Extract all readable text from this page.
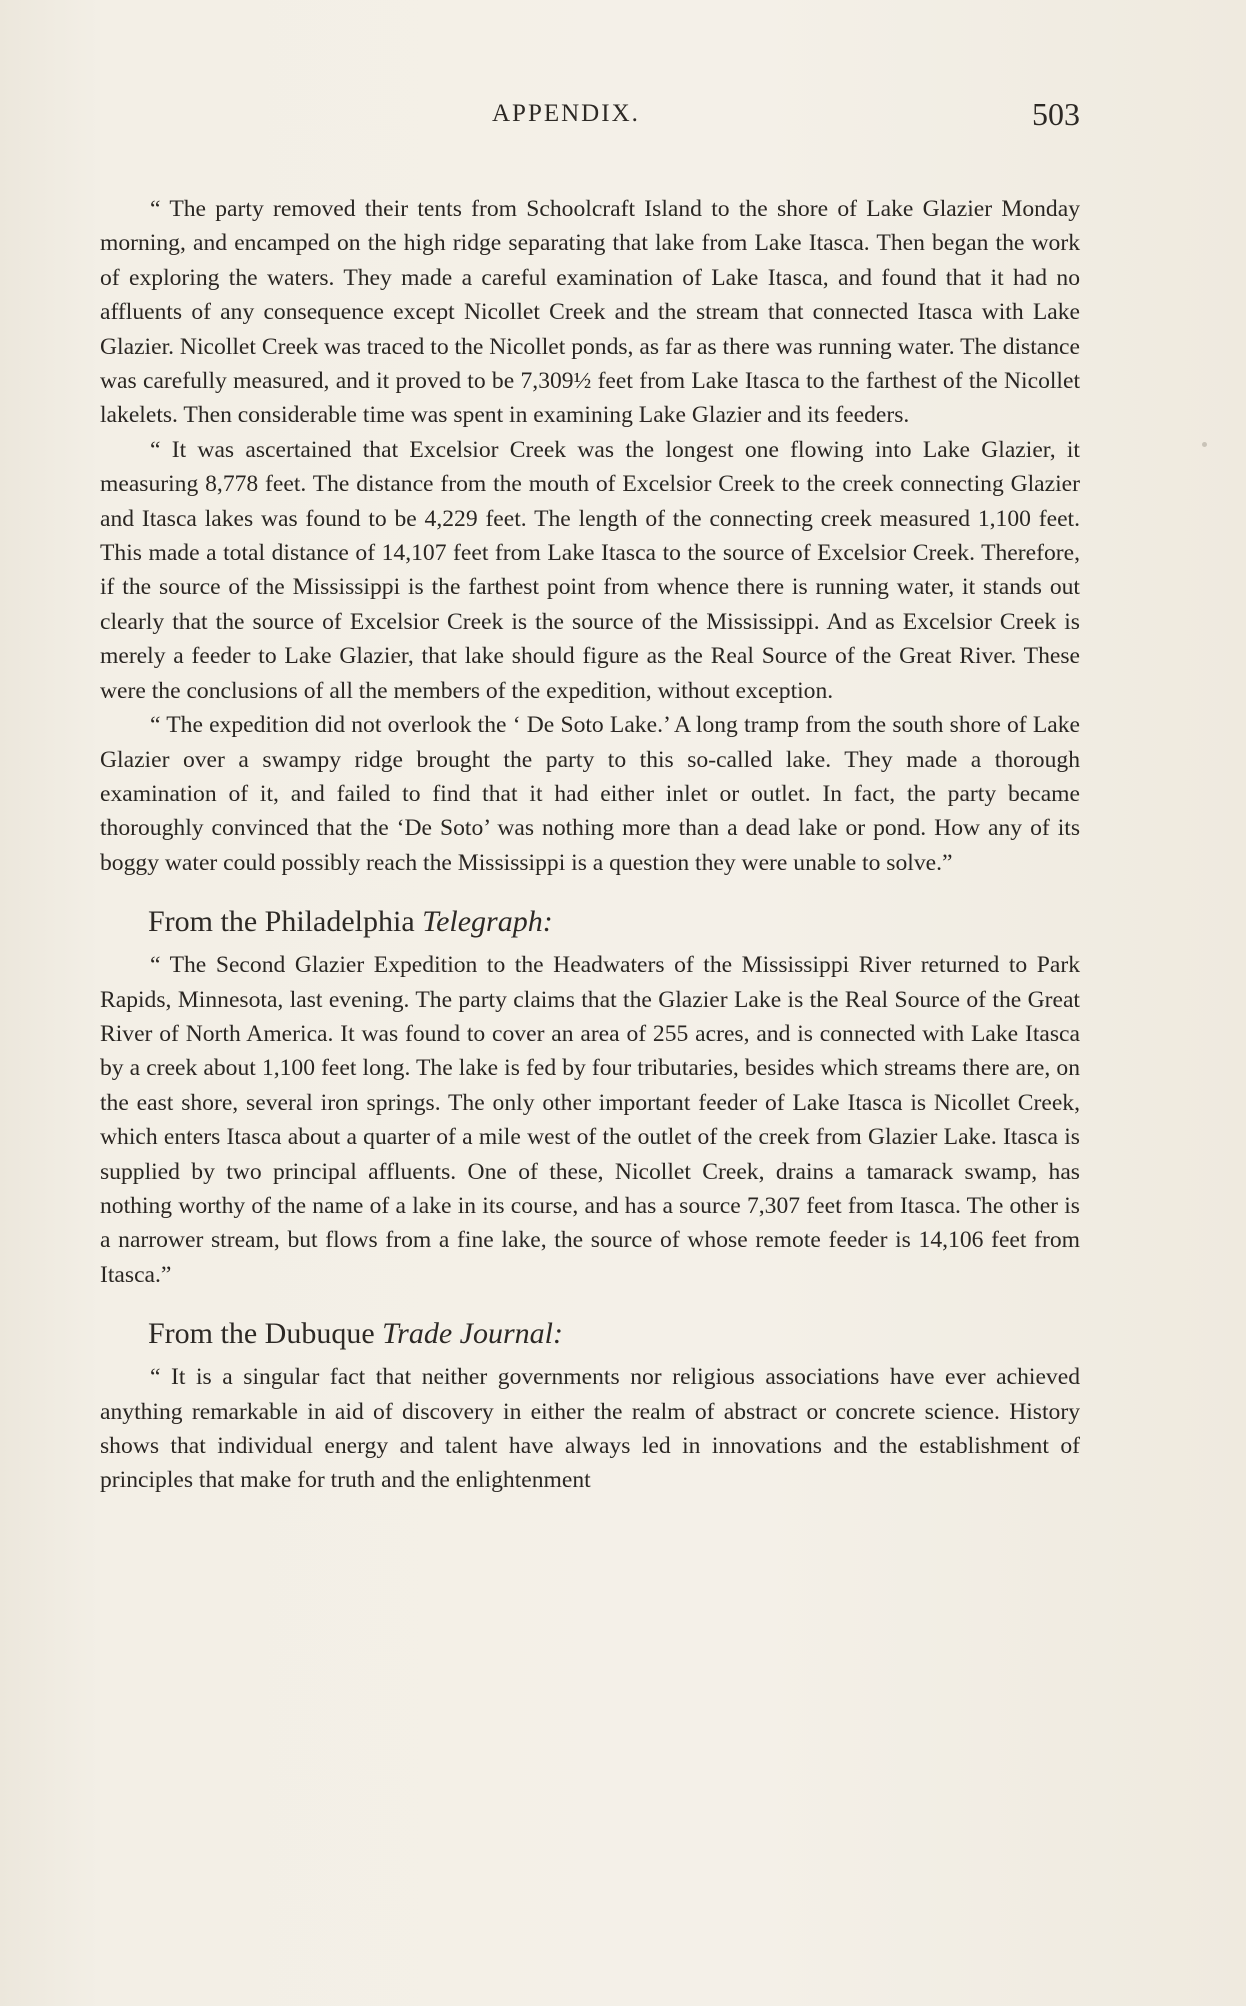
APPENDIX.	503

“ The party removed their tents from Schoolcraft Island to the shore of Lake Glazier Monday morning, and encamped on the high ridge separating that lake from Lake Itasca. Then began the work of exploring the waters. They made a careful examination of Lake Itasca, and found that it had no affluents of any consequence except Nicollet Creek and the stream that connected Itasca with Lake Glazier. Nicollet Creek was traced to the Nicollet ponds, as far as there was running water. The distance was carefully measured, and it proved to be 7,309½ feet from Lake Itasca to the farthest of the Nicollet lakelets. Then considerable time was spent in examining Lake Glazier and its feeders.

“ It was ascertained that Excelsior Creek was the longest one flowing into Lake Glazier, it measuring 8,778 feet. The distance from the mouth of Excelsior Creek to the creek connecting Glazier and Itasca lakes was found to be 4,229 feet. The length of the connecting creek measured 1,100 feet. This made a total distance of 14,107 feet from Lake Itasca to the source of Excelsior Creek. Therefore, if the source of the Mississippi is the farthest point from whence there is running water, it stands out clearly that the source of Excelsior Creek is the source of the Mississippi. And as Excelsior Creek is merely a feeder to Lake Glazier, that lake should figure as the Real Source of the Great River. These were the conclusions of all the members of the expedition, without exception.

“ The expedition did not overlook the ‘ De Soto Lake.’ A long tramp from the south shore of Lake Glazier over a swampy ridge brought the party to this so-called lake. They made a thorough examination of it, and failed to find that it had either inlet or outlet. In fact, the party became thoroughly convinced that the ‘De Soto’ was nothing more than a dead lake or pond. How any of its boggy water could possibly reach the Mississippi is a question they were unable to solve.”

From the Philadelphia Telegraph:

“ The Second Glazier Expedition to the Headwaters of the Mississippi River returned to Park Rapids, Minnesota, last evening. The party claims that the Glazier Lake is the Real Source of the Great River of North America. It was found to cover an area of 255 acres, and is connected with Lake Itasca by a creek about 1,100 feet long. The lake is fed by four tributaries, besides which streams there are, on the east shore, several iron springs. The only other important feeder of Lake Itasca is Nicollet Creek, which enters Itasca about a quarter of a mile west of the outlet of the creek from Glazier Lake. Itasca is supplied by two principal affluents. One of these, Nicollet Creek, drains a tamarack swamp, has nothing worthy of the name of a lake in its course, and has a source 7,307 feet from Itasca. The other is a narrower stream, but flows from a fine lake, the source of whose remote feeder is 14,106 feet from Itasca.”

From the Dubuque Trade Journal:

“ It is a singular fact that neither governments nor religious associations have ever achieved anything remarkable in aid of discovery in either the realm of abstract or concrete science. History shows that individual energy and talent have always led in innovations and the establishment of principles that make for truth and the enlightenment
